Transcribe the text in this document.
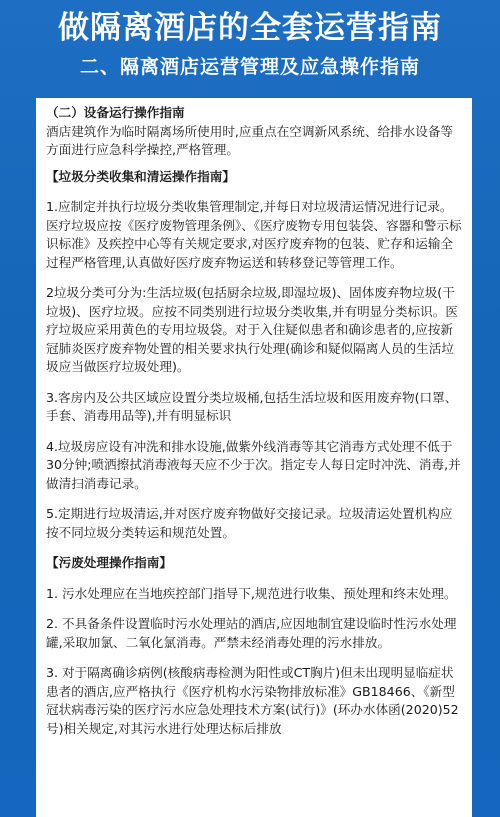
做隔离酒店的全套运营指南
二、隔离酒店运营管理及应急操作指南

（二）设备运行操作指南

酒店建筑作为临时隔离场所使用时,应重点在空调新风系统、给排水设备等方面进行应急科学操控,严格管理。

【垃圾分类收集和清运操作指南】

1.应制定并执行垃圾分类收集管理制定,并每日对垃圾清运情况进行记录。医疗垃圾应按《医疗废物管理条例》、《医疗废物专用包装袋、容器和警示标识标准》及疾控中心等有关规定要求,对医疗废弃物的包装、贮存和运输全过程严格管理,认真做好医疗废弃物运送和转移登记等管理工作。

2垃圾分类可分为:生活垃圾(包括厨余垃圾,即湿垃圾)、固体废弃物垃圾(干垃圾)、医疗垃圾。应按不同类别进行垃圾分类收集,并有明显分类标识。医疗垃圾应采用黄色的专用垃圾袋。对于入住疑似患者和确诊患者的,应按新冠肺炎医疗废弃物处置的相关要求执行处理(确诊和疑似隔离人员的生活垃圾应当做医疗垃圾处理)。

3.客房内及公共区域应设置分类垃圾桶,包括生活垃圾和医用废弃物(口罩、手套、消毒用品等),并有明显标识

4.垃圾房应设有冲洗和排水设施,做紫外线消毒等其它消毒方式处理不低于30分钟;喷洒擦拭消毒液每天应不少于次。指定专人每日定时冲洗、消毒,并做清扫消毒记录。

5.定期进行垃圾清运,并对医疗废弃物做好交接记录。垃圾清运处置机构应按不同垃圾分类转运和规范处置。

【污废处理操作指南】

1. 污水处理应在当地疾控部门指导下,规范进行收集、预处理和终末处理。

2. 不具备条件设置临时污水处理站的酒店,应因地制宜建设临时性污水处理罐,采取加氯、二氧化氯消毒。严禁未经消毒处理的污水排放。

3. 对于隔离确诊病例(核酸病毒检测为阳性或CT胸片)但未出现明显临症状患者的酒店,应严格执行《医疗机构水污染物排放标准》GB18466、《新型冠状病毒污染的医疗污水应急处理技术方案(试行)》(环办水体函(2020)52号)相关规定,对其污水进行处理达标后排放
